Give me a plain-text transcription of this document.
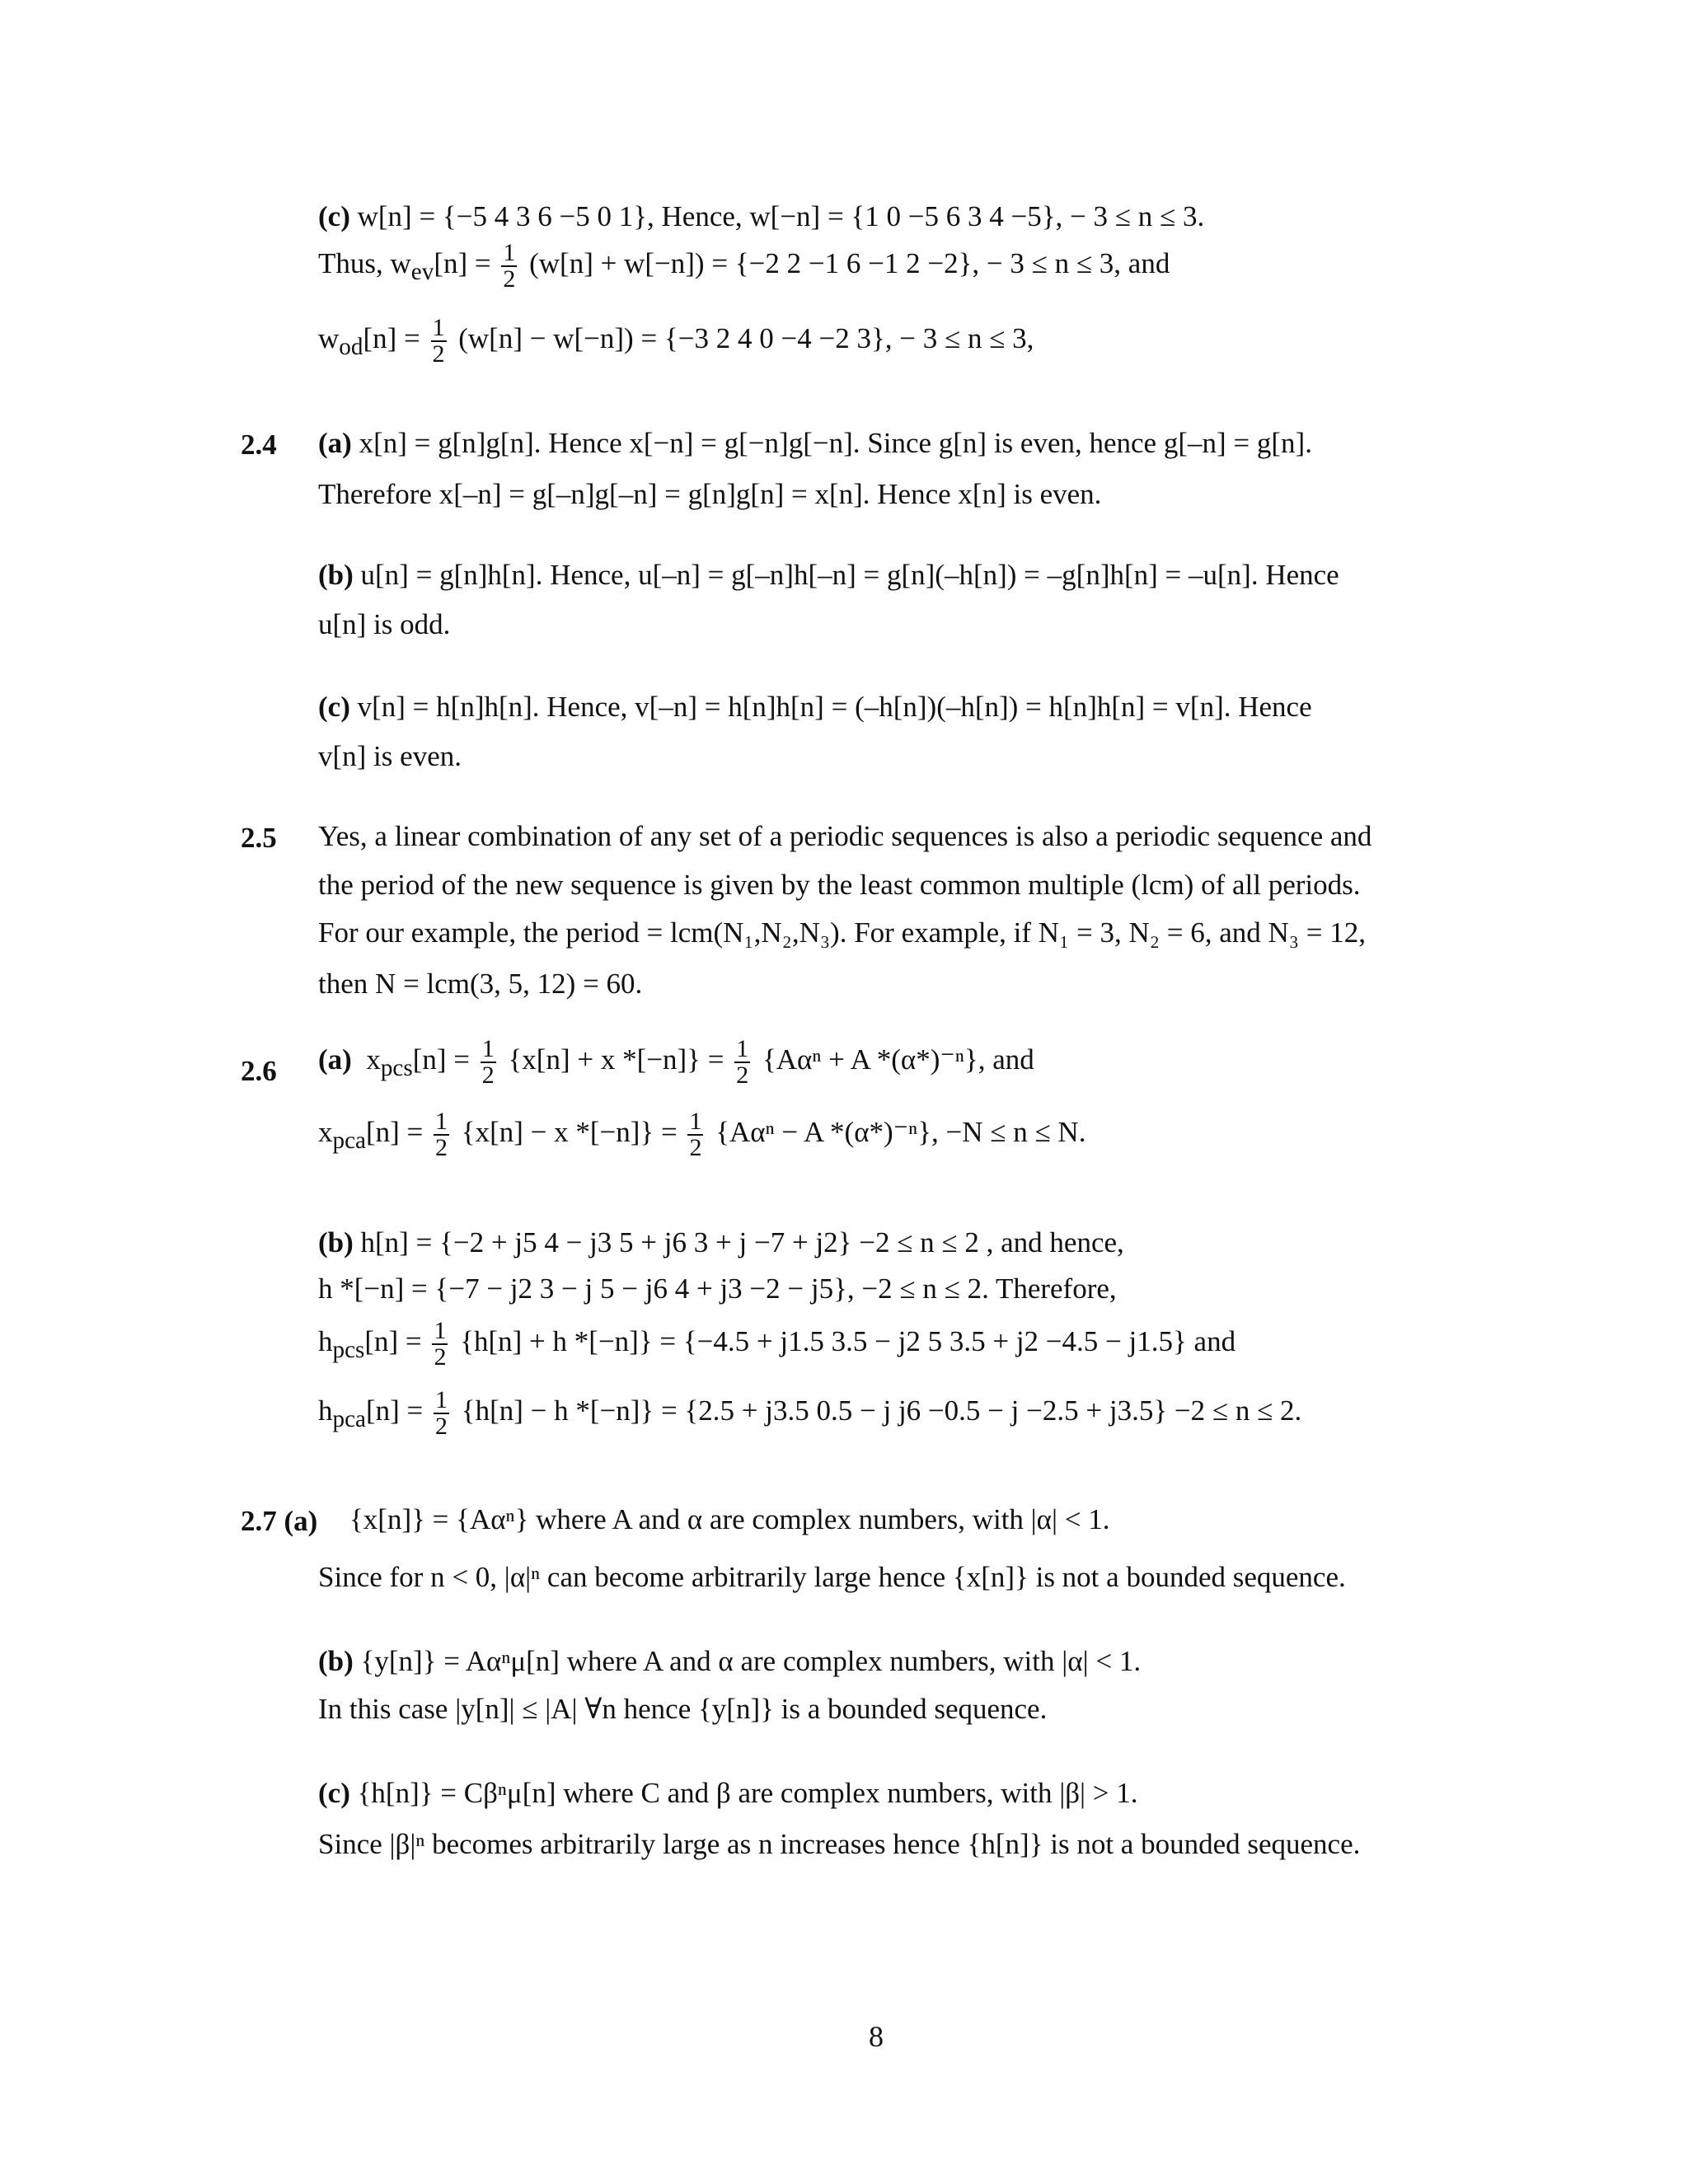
(c) w[n] = {−5 4 3 6 −5 0 1}, Hence, w[−n] = {1 0 −5 6 3 4 −5}, − 3 ≤ n ≤ 3.
Thus, $w_{ev}[n] = \frac{1}{2} (w[n] + w[-n]) = \{-2$ 2 −1 6 −1 2 −2}, − 3 ≤ n ≤ 3, and
$w_{od}[n] = \frac{1}{2} (w[n] - w[-n]) = \{-3$ 2 4 0 −4 −2 3}, − 3 ≤ n ≤ 3,
2.4 (a) x[n] = g[n]g[n]. Hence x[−n] = g[−n]g[−n]. Since g[n] is even, hence g[–n] = g[n].
Therefore x[–n] = g[–n]g[–n] = g[n]g[n] = x[n]. Hence x[n] is even.
(b) u[n] = g[n]h[n]. Hence, u[–n] = g[–n]h[–n] = g[n](–h[n]) = –g[n]h[n] = –u[n]. Hence
u[n] is odd.
(c) v[n] = h[n]h[n]. Hence, v[–n] = h[n]h[n] = (–h[n])(–h[n]) = h[n]h[n] = v[n]. Hence
v[n] is even.
2.5 Yes, a linear combination of any set of a periodic sequences is also a periodic sequence and
the period of the new sequence is given by the least common multiple (lcm) of all periods.
For our example, the period = lcm(N₁,N₂,N₃). For example, if N₁ = 3, N₂ = 6, and N₃ = 12,
then N = lcm(3, 5, 12) = 60.
2.6 (a) $x_{pcs}[n] = \frac{1}{2} \{x[n] + x$ $*[-n]\} = \frac{1}{2} \{A\alpha^n + A$ *(α*)⁻ⁿ}, and
$x_{pca}[n] = \frac{1}{2} \{x[n] - x$ $*[-n]\} = \frac{1}{2} \{A\alpha^n - A$ *(α*)⁻ⁿ}, −N ≤ n ≤ N.
(b) h[n] = {−2 + j5 4 − j3 5 + j6 3 + j −7 + j2} −2 ≤ n ≤ 2 , and hence,
h *[−n] = {−7 − j2 3 − j 5 − j6 4 + j3 −2 − j5}, −2 ≤ n ≤ 2. Therefore,
$h_{pcs}[n] = \frac{1}{2} \{h[n] + h$ *[−n]} = {−4.5 + j1.5 3.5 − j2 5 3.5 + j2 −4.5 − j1.5} and
$h_{pca}[n] = \frac{1}{2} \{h[n] - h$ *[−n]} = {2.5 + j3.5 0.5 − j j6 −0.5 − j −2.5 + j3.5} −2 ≤ n ≤ 2.
2.7 (a) {x[n]} = {Aαⁿ} where A and α are complex numbers, with |α| < 1.
Since for n < 0, |α|ⁿ can become arbitrarily large hence {x[n]} is not a bounded sequence.
(b) {y[n]} = Aαⁿμ[n] where A and α are complex numbers, with |α| < 1.
In this case |y[n]| ≤ |A| ∀n hence {y[n]} is a bounded sequence.
(c) {h[n]} = Cβⁿμ[n] where C and β are complex numbers, with |β| > 1.
Since |β|ⁿ becomes arbitrarily large as n increases hence {h[n]} is not a bounded sequence.
8
